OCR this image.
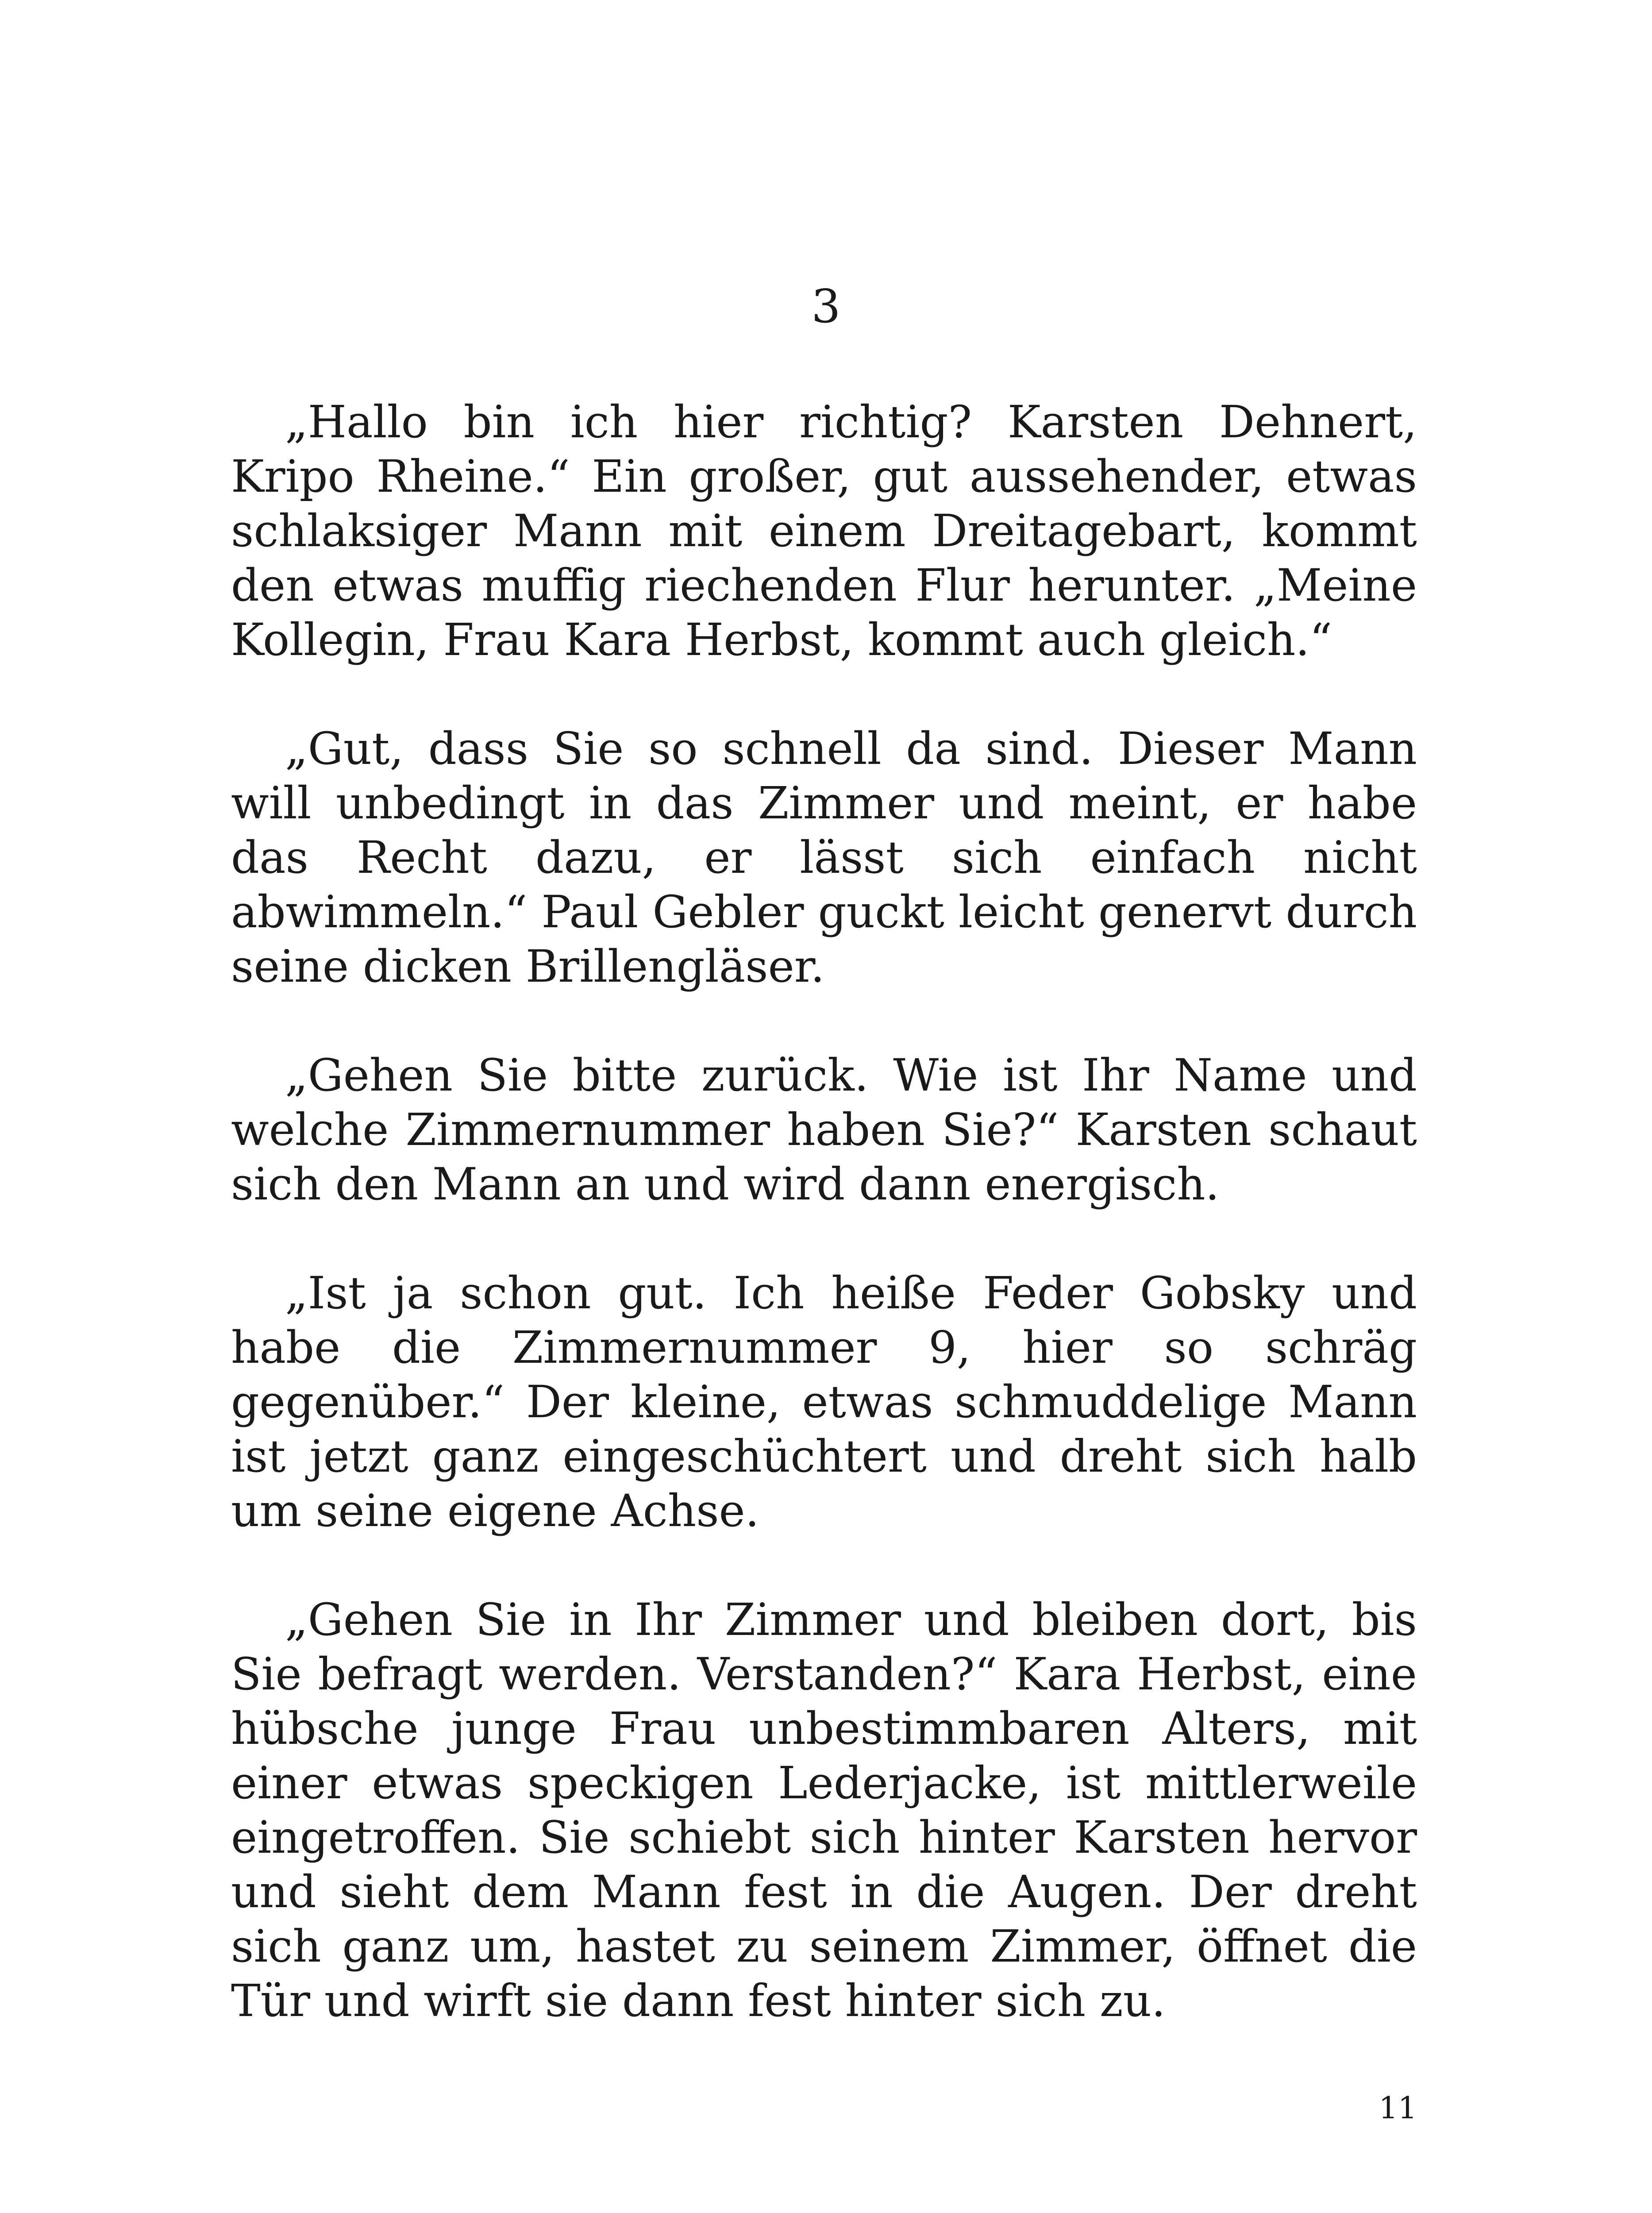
3

„Hallo bin ich hier richtig? Karsten Dehnert, Kripo Rheine.“ Ein großer, gut aussehender, etwas schlaksiger Mann mit einem Dreitagebart, kommt den etwas muffig riechenden Flur herunter. „Meine Kollegin, Frau Kara Herbst, kommt auch gleich.“

„Gut, dass Sie so schnell da sind. Dieser Mann will unbedingt in das Zimmer und meint, er habe das Recht dazu, er lässt sich einfach nicht abwimmeln.“ Paul Gebler guckt leicht genervt durch seine dicken Brillengläser.

„Gehen Sie bitte zurück. Wie ist Ihr Name und welche Zimmernummer haben Sie?“ Karsten schaut sich den Mann an und wird dann energisch.

„Ist ja schon gut. Ich heiße Feder Gobsky und habe die Zimmernummer 9, hier so schräg gegenüber.“ Der kleine, etwas schmuddelige Mann ist jetzt ganz eingeschüchtert und dreht sich halb um seine eigene Achse.

„Gehen Sie in Ihr Zimmer und bleiben dort, bis Sie befragt werden. Verstanden?“ Kara Herbst, eine hübsche junge Frau unbestimmbaren Alters, mit einer etwas speckigen Lederjacke, ist mittlerweile eingetroffen. Sie schiebt sich hinter Karsten hervor und sieht dem Mann fest in die Augen. Der dreht sich ganz um, hastet zu seinem Zimmer, öffnet die Tür und wirft sie dann fest hinter sich zu.

11
